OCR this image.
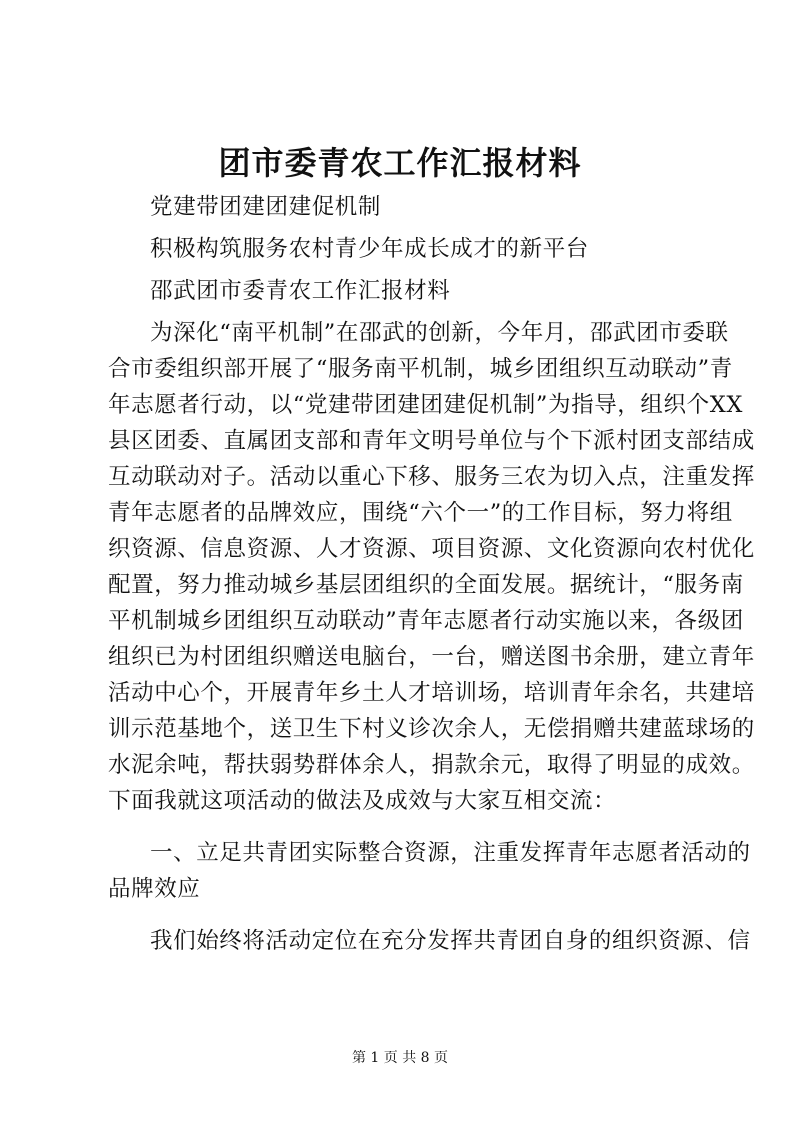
团市委青农工作汇报材料
党建带团建团建促机制
积极构筑服务农村青少年成长成才的新平台
邵武团市委青农工作汇报材料
为深化“南平机制”在邵武的创新，今年月，邵武团市委联
合市委组织部开展了“服务南平机制，城乡团组织互动联动”青
年志愿者行动，以“党建带团建团建促机制”为指导，组织个XX
县区团委、直属团支部和青年文明号单位与个下派村团支部结成
互动联动对子。活动以重心下移、服务三农为切入点，注重发挥
青年志愿者的品牌效应，围绕“六个一”的工作目标，努力将组
织资源、信息资源、人才资源、项目资源、文化资源向农村优化
配置，努力推动城乡基层团组织的全面发展。据统计，“服务南
平机制城乡团组织互动联动”青年志愿者行动实施以来，各级团
组织已为村团组织赠送电脑台，一台，赠送图书余册，建立青年
活动中心个，开展青年乡土人才培训场，培训青年余名，共建培
训示范基地个，送卫生下村义诊次余人，无偿捐赠共建蓝球场的
水泥余吨，帮扶弱势群体余人，捐款余元，取得了明显的成效。
下面我就这项活动的做法及成效与大家互相交流：
一、立足共青团实际整合资源，注重发挥青年志愿者活动的
品牌效应
我们始终将活动定位在充分发挥共青团自身的组织资源、信
第 1 页 共 8 页
